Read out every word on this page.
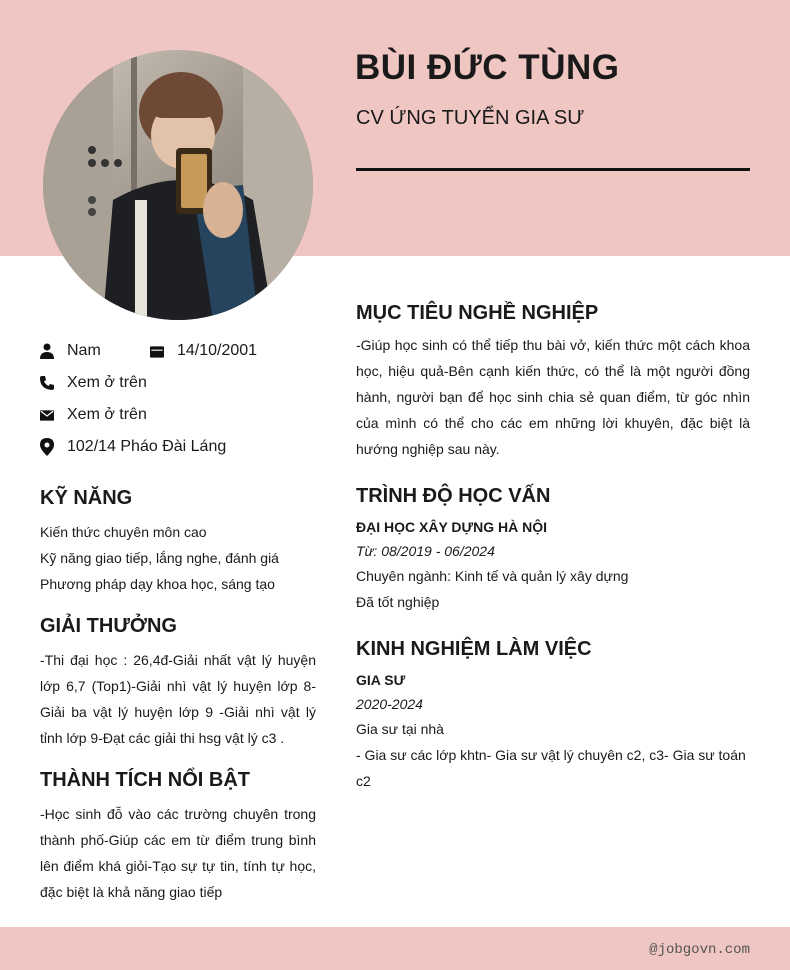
BÙI ĐỨC TÙNG
CV ỨNG TUYỂN GIA SƯ
Nam	14/10/2001
Xem ở trên
Xem ở trên
102/14 Pháo Đài Láng
KỸ NĂNG
Kiến thức chuyên môn cao
Kỹ năng giao tiếp, lắng nghe, đánh giá
Phương pháp dạy khoa học, sáng tạo
GIẢI THƯỞNG
-Thi đại học : 26,4đ-Giải nhất vật lý huyện lớp 6,7 (Top1)-Giải nhì vật lý huyện lớp 8-Giải ba vật lý huyện lớp 9 -Giải nhì vật lý tỉnh lớp 9-Đạt các giải thi hsg vật lý c3 .
THÀNH TÍCH NỔI BẬT
-Học sinh đỗ vào các trường chuyên trong thành phố-Giúp các em từ điểm trung bình lên điểm khá giỏi-Tạo sự tự tin, tính tự học, đặc biệt là khả năng giao tiếp
MỤC TIÊU NGHỀ NGHIỆP
-Giúp học sinh có thể tiếp thu bài vở, kiến thức một cách khoa học, hiệu quả-Bên cạnh kiến thức, có thể là một người đồng hành, người bạn để học sinh chia sẻ quan điểm, từ góc nhìn của mình có thể cho các em những lời khuyên, đặc biệt là hướng nghiệp sau này.
TRÌNH ĐỘ HỌC VẤN
ĐẠI HỌC XÂY DỰNG HÀ NỘI
Từ: 08/2019 - 06/2024
Chuyên ngành: Kinh tế và quản lý xây dựng
Đã tốt nghiệp
KINH NGHIỆM LÀM VIỆC
GIA SƯ
2020-2024
Gia sư tại nhà
- Gia sư các lớp khtn- Gia sư vật lý chuyên c2, c3- Gia sư toán c2
@jobgovn.com
